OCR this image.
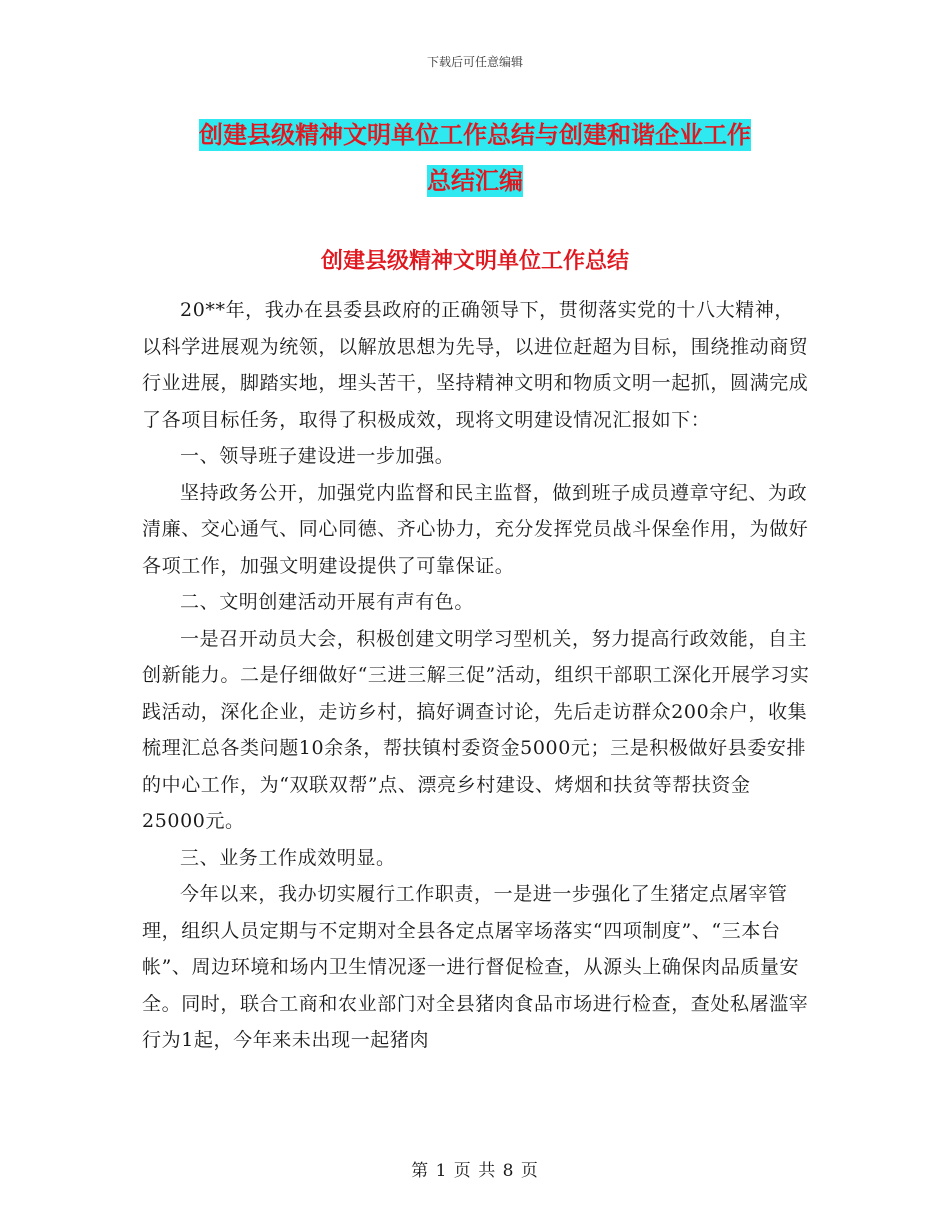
下载后可任意编辑
创建县级精神文明单位工作总结与创建和谐企业工作
总结汇编
创建县级精神文明单位工作总结

20**年，我办在县委县政府的正确领导下，贯彻落实党的十八大精神，以科学进展观为统领，以解放思想为先导，以进位赶超为目标，围绕推动商贸行业进展，脚踏实地，埋头苦干，坚持精神文明和物质文明一起抓，圆满完成了各项目标任务，取得了积极成效，现将文明建设情况汇报如下：

一、领导班子建设进一步加强。

坚持政务公开，加强党内监督和民主监督，做到班子成员遵章守纪、为政清廉、交心通气、同心同德、齐心协力，充分发挥党员战斗保垒作用，为做好各项工作，加强文明建设提供了可靠保证。

二、文明创建活动开展有声有色。

一是召开动员大会，积极创建文明学习型机关，努力提高行政效能，自主创新能力。二是仔细做好“三进三解三促”活动，组织干部职工深化开展学习实践活动，深化企业，走访乡村，搞好调查讨论，先后走访群众200余户，收集梳理汇总各类问题10余条，帮扶镇村委资金5000元；三是积极做好县委安排的中心工作，为“双联双帮”点、漂亮乡村建设、烤烟和扶贫等帮扶资金25000元。

三、业务工作成效明显。

今年以来，我办切实履行工作职责，一是进一步强化了生猪定点屠宰管理，组织人员定期与不定期对全县各定点屠宰场落实“四项制度”、“三本台帐”、周边环境和场内卫生情况逐一进行督促检查，从源头上确保肉品质量安全。同时，联合工商和农业部门对全县猪肉食品市场进行检查，查处私屠滥宰行为1起，今年来未出现一起猪肉

第 1 页 共 8 页
